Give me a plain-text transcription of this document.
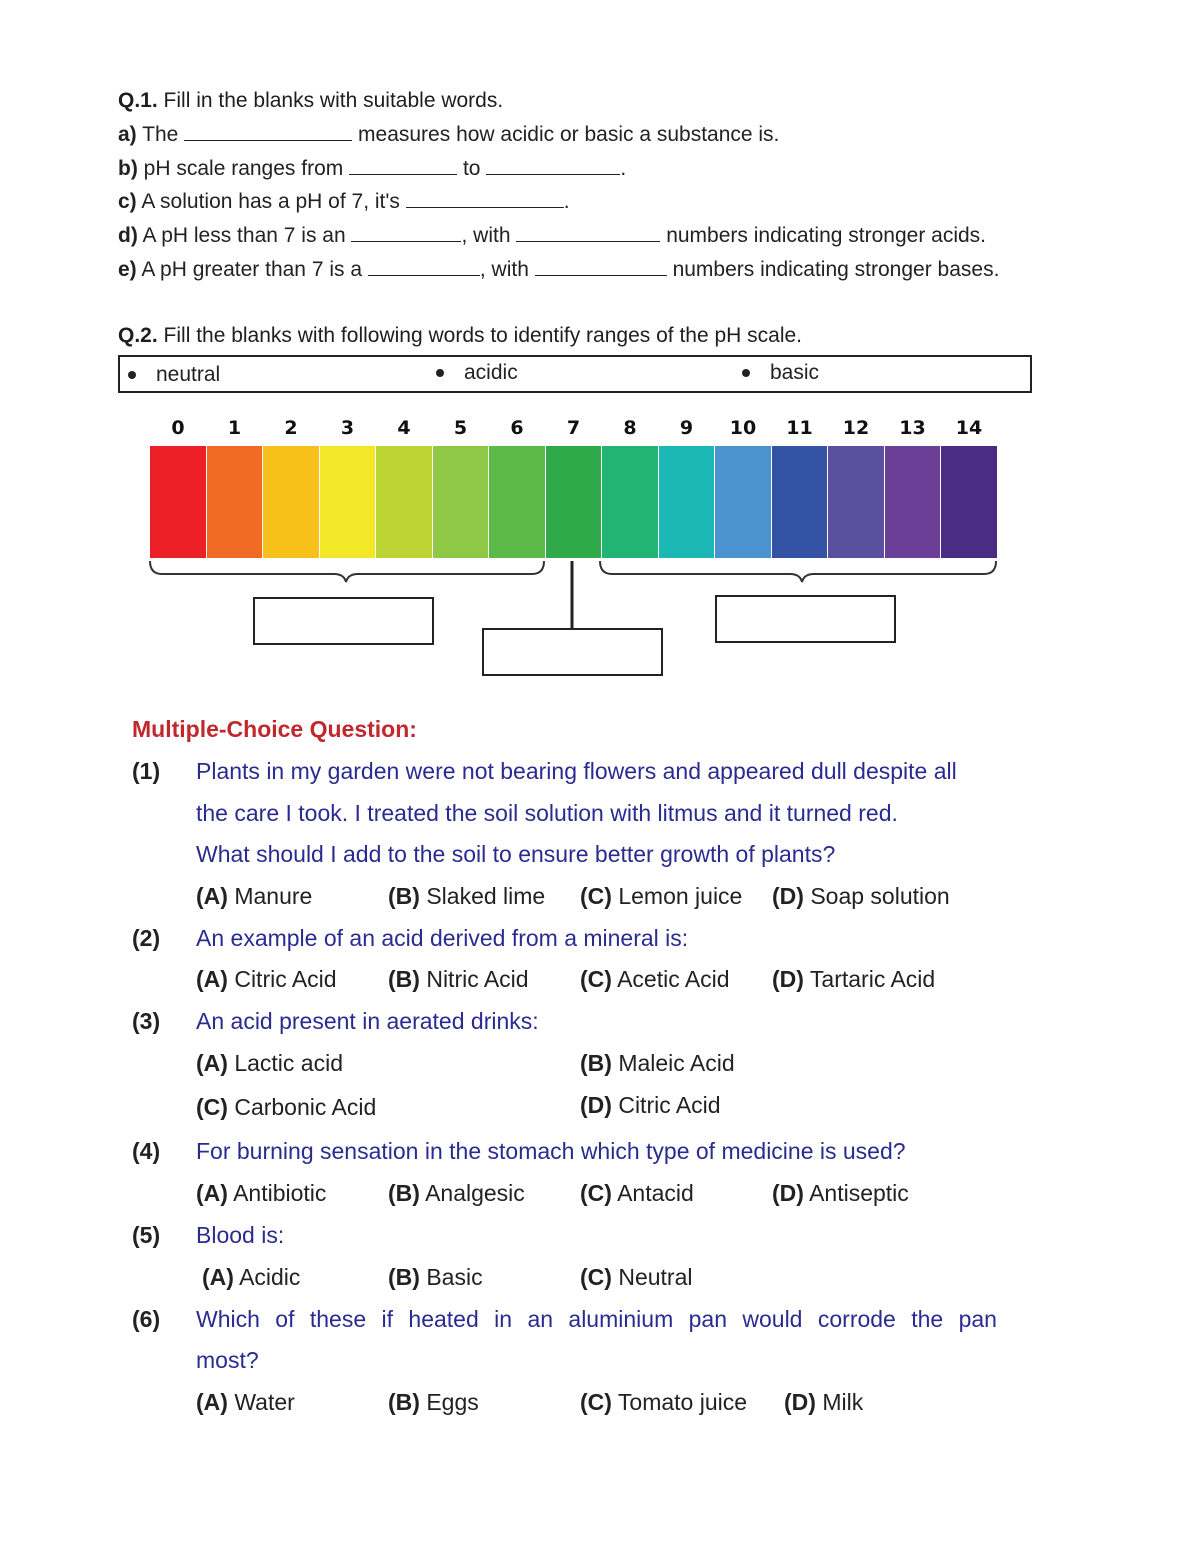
Q.1. Fill in the blanks with suitable words.
a) The	measures how acidic or basic a substance is.
b) pH scale ranges from	to	.
c) A solution has a pH of 7, it's	.
d) A pH less than 7 is an	, with	numbers indicating stronger acids.
e) A pH greater than 7 is a	, with	numbers indicating stronger bases.
Q.2. Fill the blanks with following words to identify ranges of the pH scale.
neutral	acidic	basic
0	1	2	3	4	5	6	7	8	9	10	11	12	13	14
Multiple-Choice Question:
(1) Plants in my garden were not bearing flowers and appeared dull despite all
the care I took. I treated the soil solution with litmus and it turned red.
What should I add to the soil to ensure better growth of plants?
(A) Manure	(B) Slaked lime (C) Lemon juice (D) Soap solution
(2) An example of an acid derived from a mineral is:
(A) Citric Acid (B) Nitric Acid (C) Acetic Acid (D) Tartaric Acid
(3) An acid present in aerated drinks:
(A) Lactic acid	(B) Maleic Acid
(C) Carbonic Acid	(D) Citric Acid
(4) For burning sensation in the stomach which type of medicine is used?
(A) Antibiotic	(B) Analgesic (C) Antacid	(D) Antiseptic
(5) Blood is:
(A) Acidic	(B) Basic	(C) Neutral
(6) Which of these if heated in an aluminium pan would corrode the pan
most?
(A) Water	(B) Eggs	(C) Tomato juice (D) Milk
